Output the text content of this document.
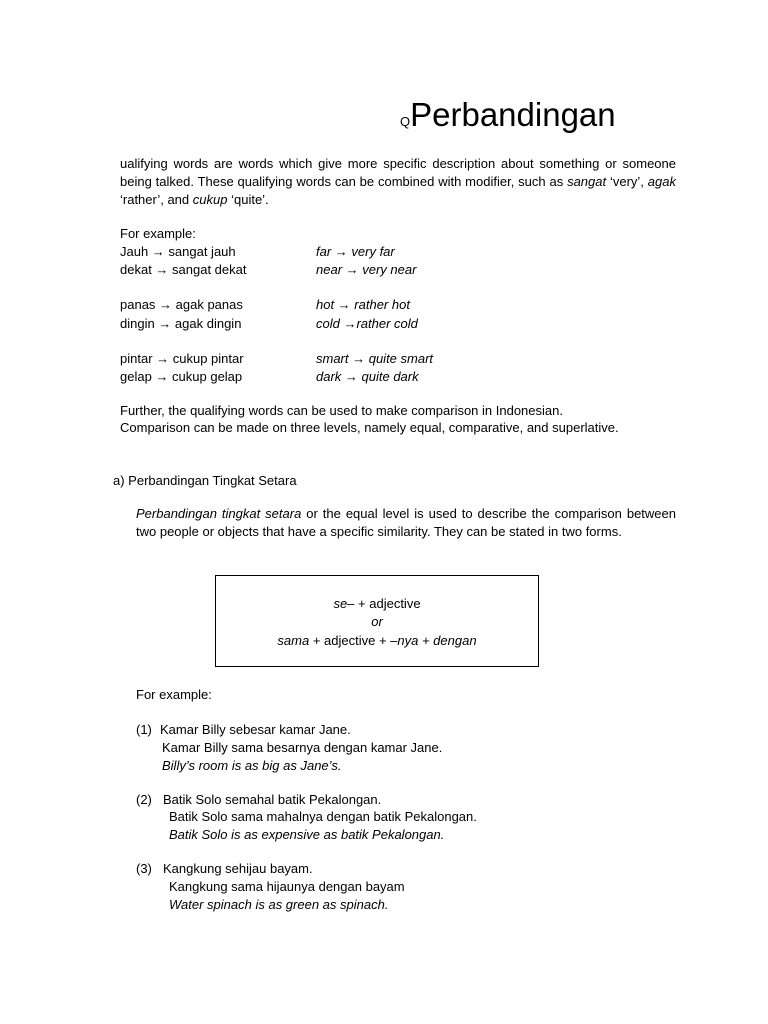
QPerbandingan
ualifying words are words which give more specific description about something or someone being talked. These qualifying words can be combined with modifier, such as sangat ‘very’, agak ‘rather’, and cukup ‘quite’.
For example:
Jauh → sangat jauh	far → very far
dekat → sangat dekat	near → very near
panas → agak panas	hot → rather hot
dingin → agak dingin	cold →rather cold
pintar → cukup pintar	smart → quite smart
gelap → cukup gelap	dark → quite dark
Further, the qualifying words can be used to make comparison in Indonesian.
Comparison can be made on three levels, namely equal, comparative, and superlative.
a) Perbandingan Tingkat Setara
Perbandingan tingkat setara or the equal level is used to describe the comparison between two people or objects that have a specific similarity. They can be stated in two forms.
se– + adjective
or
sama + adjective + –nya + dengan
For example:
(1) Kamar Billy sebesar kamar Jane.
Kamar Billy sama besarnya dengan kamar Jane.
Billy’s room is as big as Jane’s.
(2) Batik Solo semahal batik Pekalongan.
Batik Solo sama mahalnya dengan batik Pekalongan.
Batik Solo is as expensive as batik Pekalongan.
(3) Kangkung sehijau bayam.
Kangkung sama hijaunya dengan bayam
Water spinach is as green as spinach.
